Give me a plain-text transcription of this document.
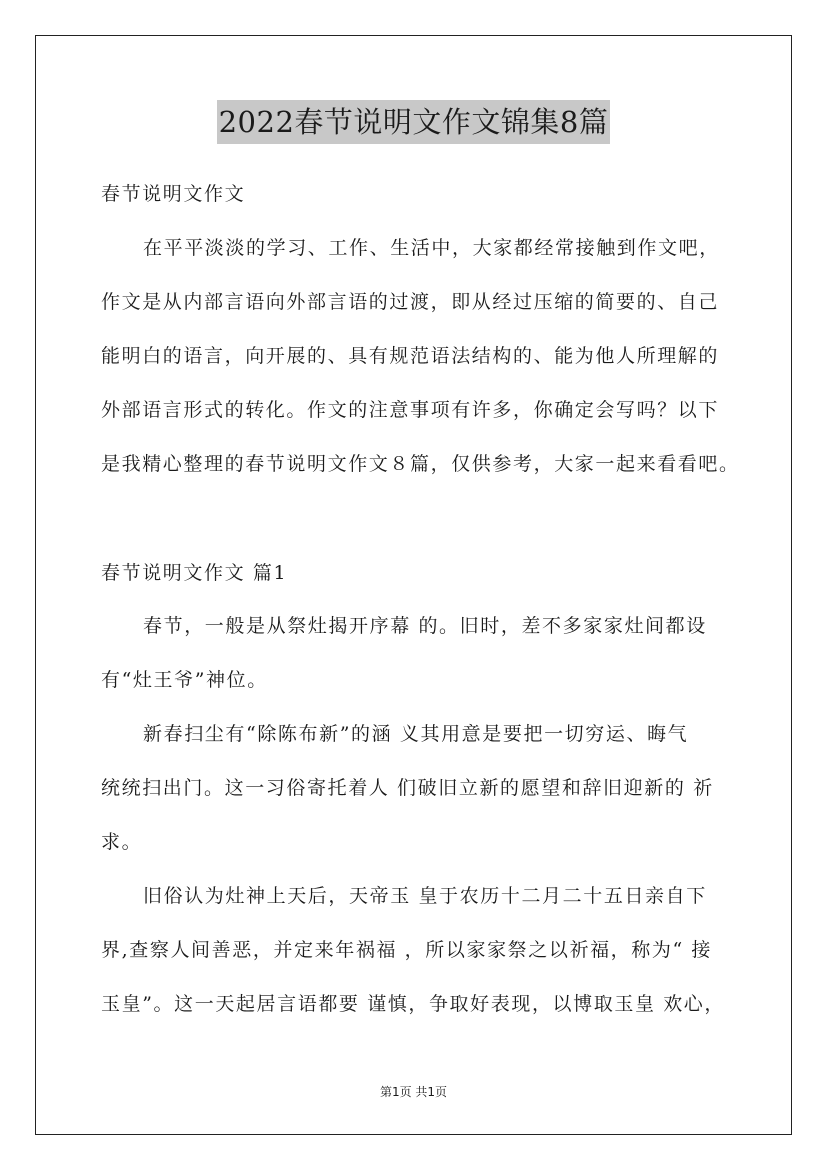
2022春节说明文作文锦集8篇
春节说明文作文
在平平淡淡的学习、工作、生活中，大家都经常接触到作文吧，
作文是从内部言语向外部言语的过渡，即从经过压缩的简要的、自己
能明白的语言，向开展的、具有规范语法结构的、能为他人所理解的
外部语言形式的转化。作文的注意事项有许多，你确定会写吗？以下
是我精心整理的春节说明文作文８篇，仅供参考，大家一起来看看吧。
春节说明文作文 篇1
春节，一般是从祭灶揭开序幕 的。旧时，差不多家家灶间都设
有“灶王爷”神位。
新春扫尘有“除陈布新”的涵 义其用意是要把一切穷运、晦气
统统扫出门。这一习俗寄托着人 们破旧立新的愿望和辞旧迎新的 祈
求。
旧俗认为灶神上天后，天帝玉 皇于农历十二月二十五日亲自下
界,查察人间善恶，并定来年祸福 ，所以家家祭之以祈福，称为“ 接
玉皇”。这一天起居言语都要 谨慎，争取好表现，以博取玉皇 欢心，
第1页 共1页
